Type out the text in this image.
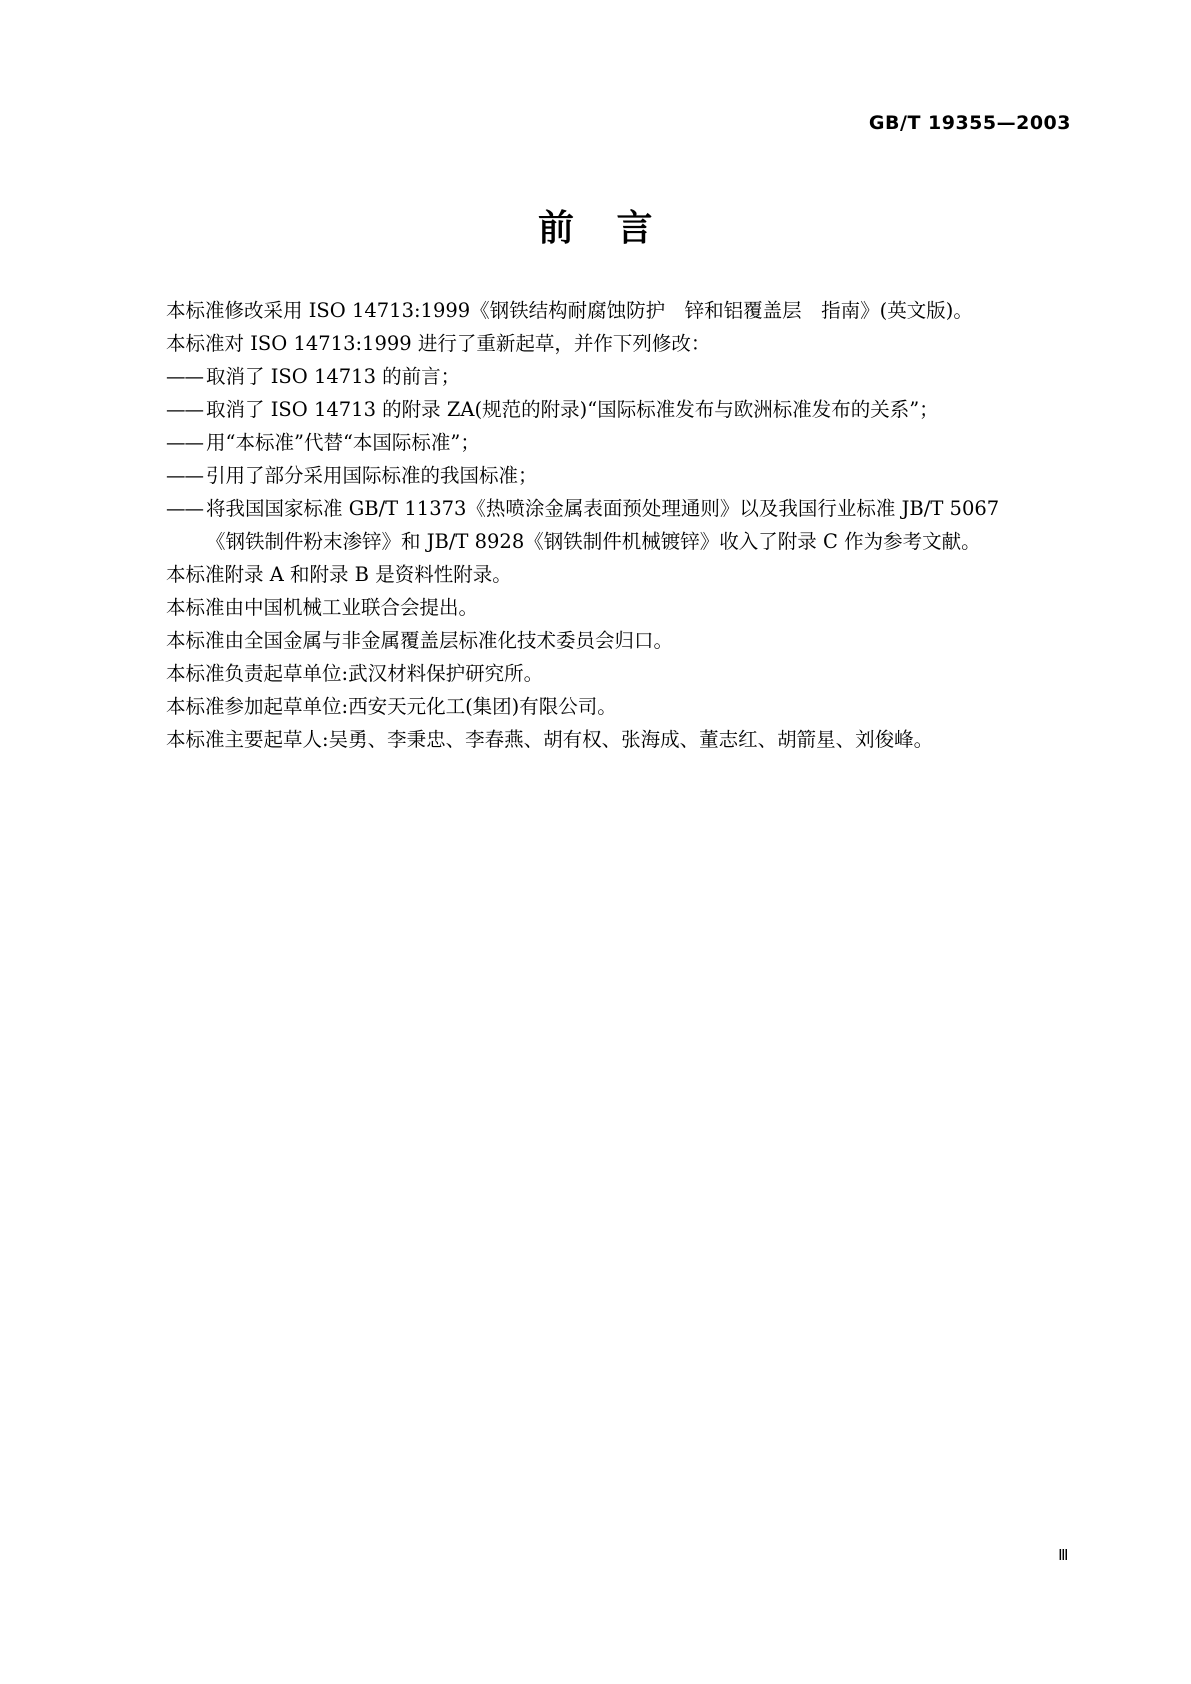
GB/T 19355—2003
前 言

本标准修改采用 ISO 14713:1999《钢铁结构耐腐蚀防护　锌和铝覆盖层　指南》(英文版)。

本标准对 ISO 14713:1999 进行了重新起草，并作下列修改：

—— 取消了 ISO 14713 的前言；
—— 取消了 ISO 14713 的附录 ZA(规范的附录)“国际标准发布与欧洲标准发布的关系”；
—— 用“本标准”代替“本国际标准”；
—— 引用了部分采用国际标准的我国标准；
—— 将我国国家标准 GB/T 11373《热喷涂金属表面预处理通则》以及我国行业标准 JB/T 5067
《钢铁制件粉末渗锌》和 JB/T 8928《钢铁制件机械镀锌》收入了附录 C 作为参考文献。

本标准附录 A 和附录 B 是资料性附录。

本标准由中国机械工业联合会提出。

本标准由全国金属与非金属覆盖层标准化技术委员会归口。

本标准负责起草单位:武汉材料保护研究所。

本标准参加起草单位:西安天元化工(集团)有限公司。

本标准主要起草人:吴勇、李秉忠、李春燕、胡有权、张海成、董志红、胡箭星、刘俊峰。

Ⅲ
